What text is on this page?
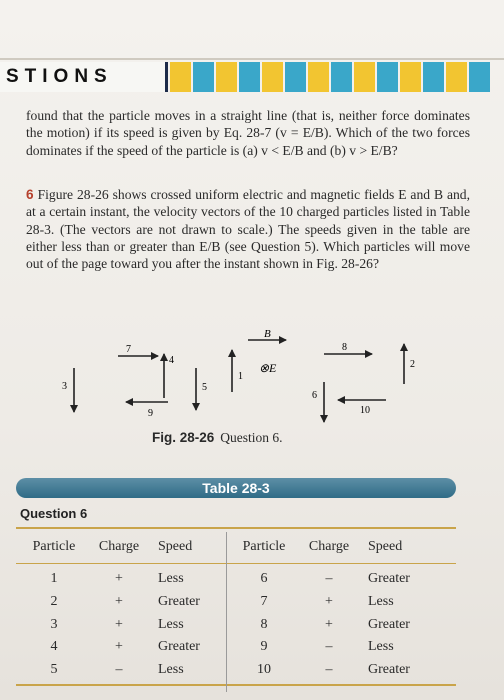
STIONS

found that the particle moves in a straight line (that is, neither force dominates the motion) if its speed is given by Eq. 28-7 (v = E/B). Which of the two forces dominates if the speed of the particle is (a) v < E/B and (b) v > E/B?

6 Figure 28-26 shows crossed uniform electric and magnetic fields E and B and, at a certain instant, the velocity vectors of the 10 charged particles listed in Table 28-3. (The vectors are not drawn to scale.) The speeds given in the table are either less than or greater than E/B (see Question 5). Which particles will move out of the page toward you after the instant shown in Fig. 28-26?

B
⊗E
3
7
4
9
5
1
6
8
10
2
Fig. 28-26 Question 6.
Table 28-3
Question 6
Particle	Charge	Speed	Particle	Charge	Speed
1	+	Less	6	–	Greater
2	+	Greater	7	+	Less
3	+	Less	8	+	Greater
4	+	Greater	9	–	Less
5	–	Less	10	–	Greater
